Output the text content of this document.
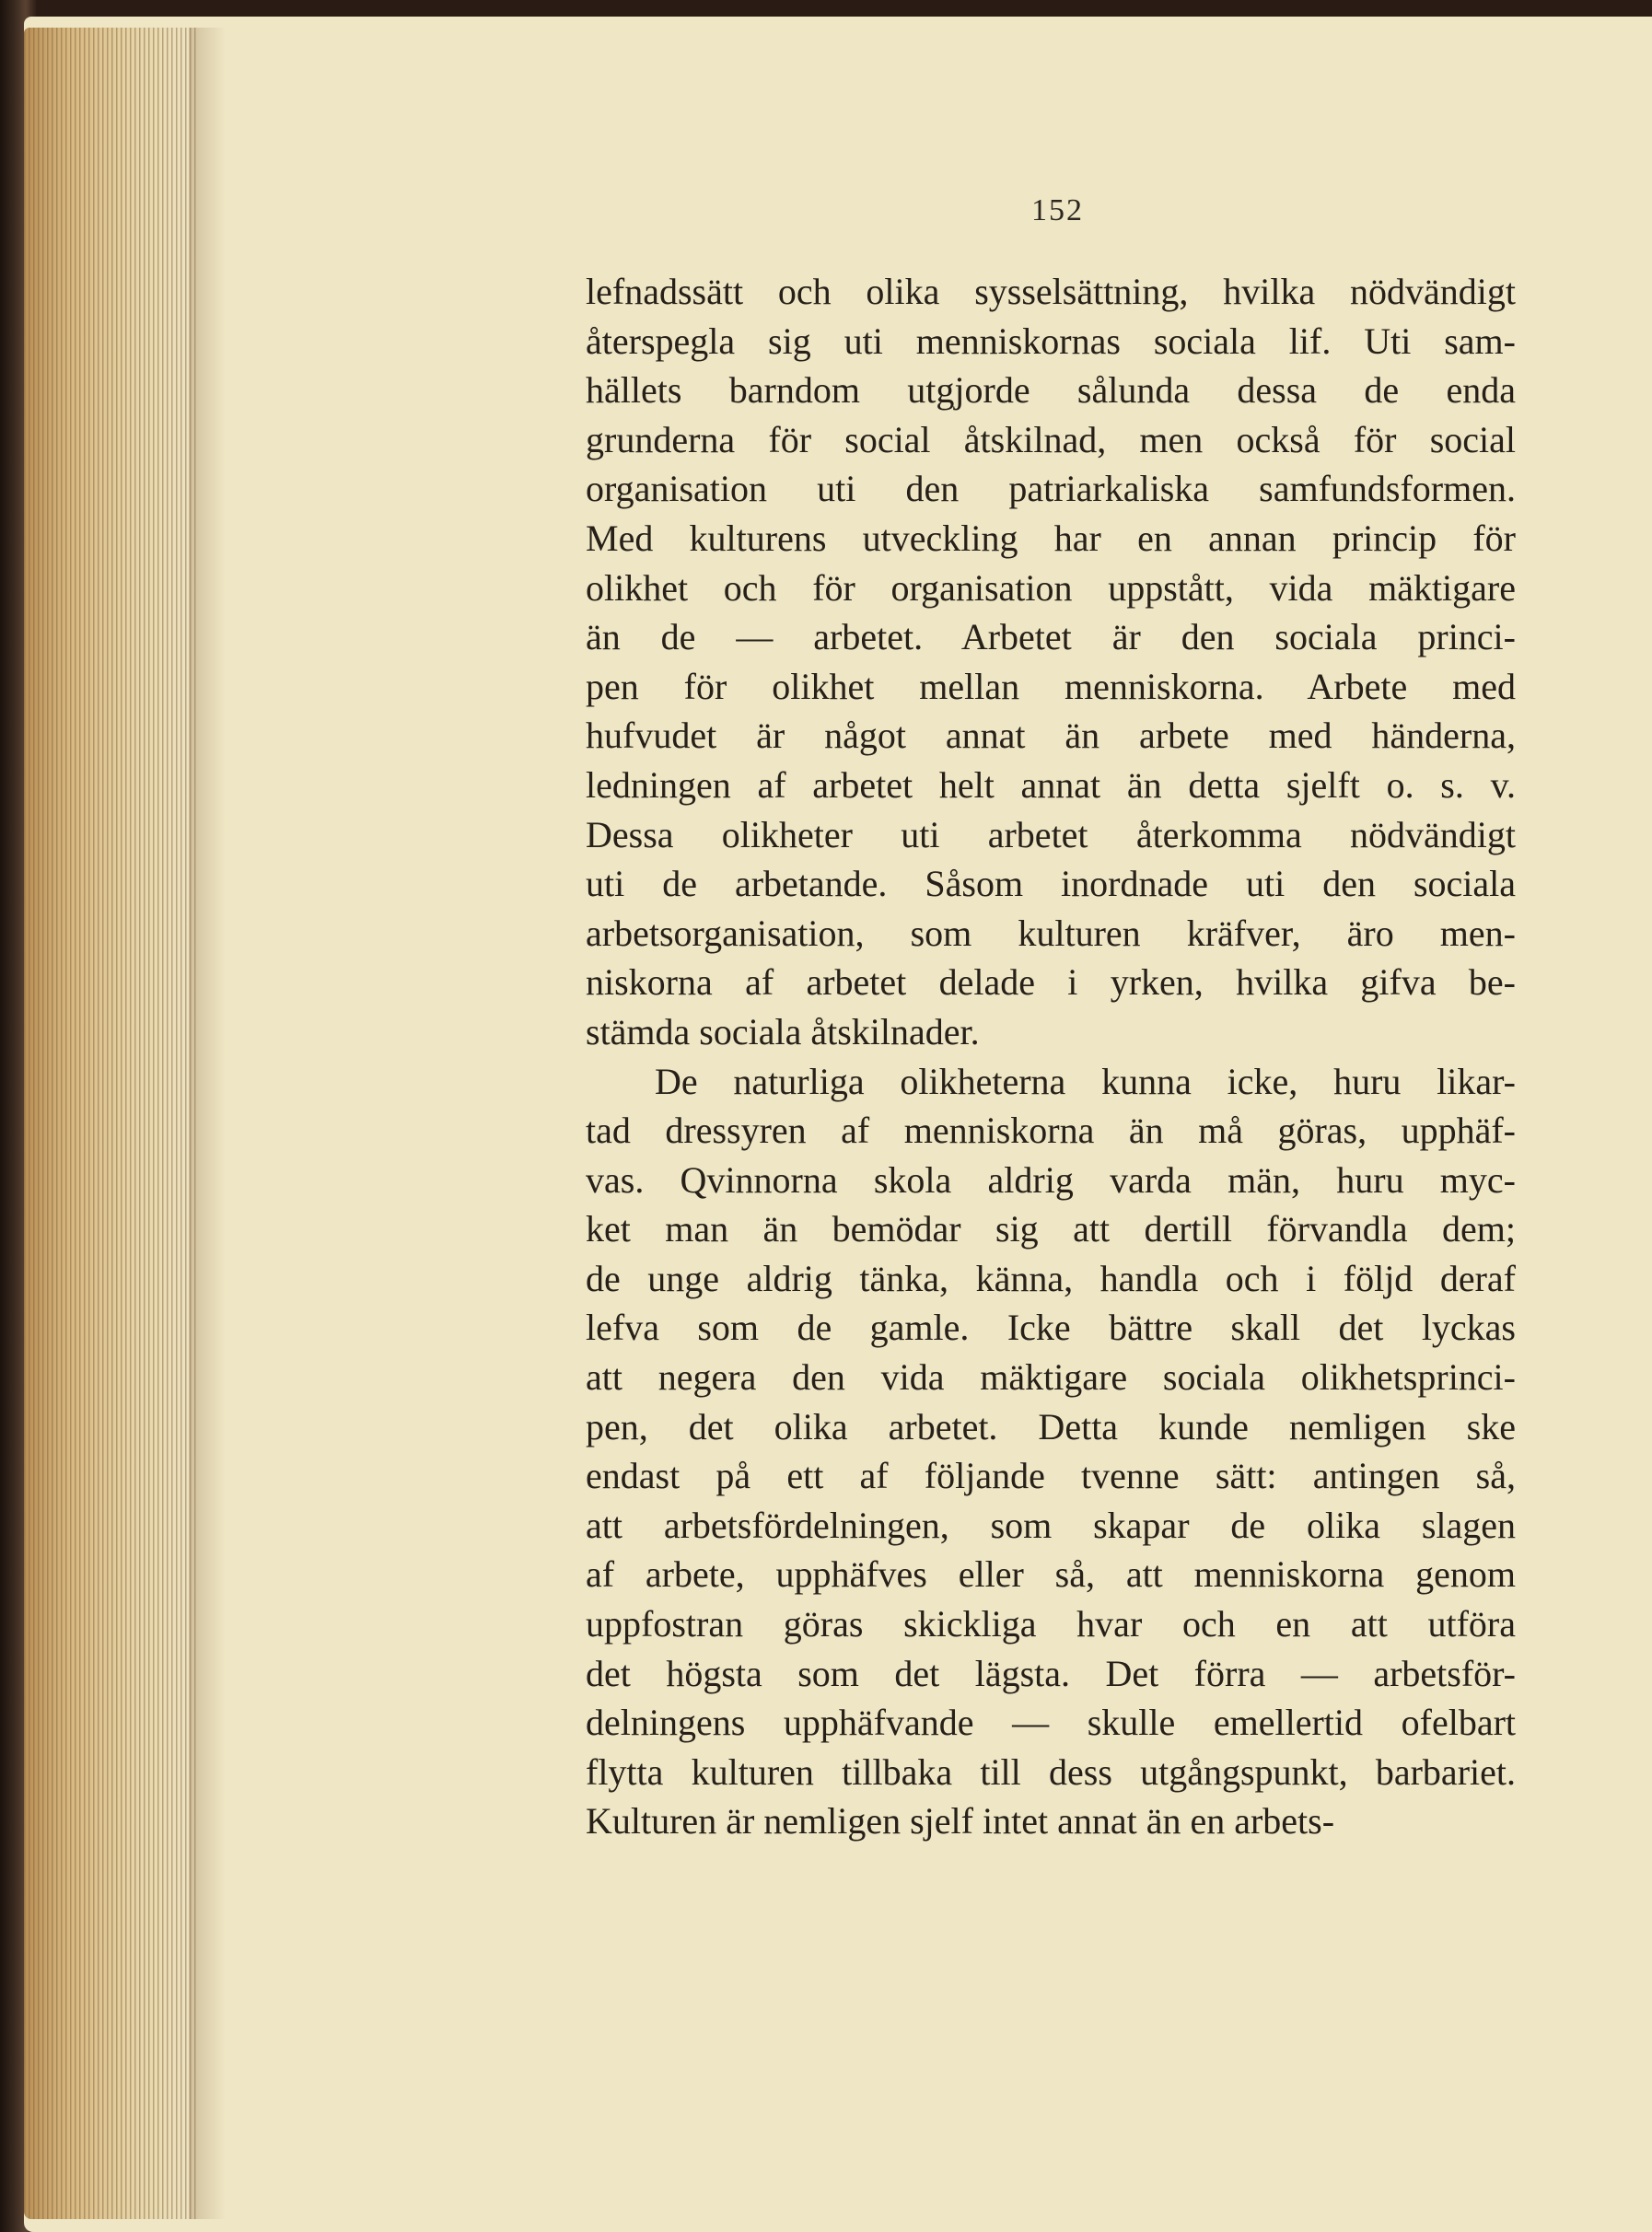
152
lefnadssätt och olika sysselsättning, hvilka nödvändigt
återspegla sig uti menniskornas sociala lif. Uti sam-
hällets barndom utgjorde sålunda dessa de enda
grunderna för social åtskilnad, men också för social
organisation uti den patriarkaliska samfundsformen.
Med kulturens utveckling har en annan princip för
olikhet och för organisation uppstått, vida mäktigare
än de — arbetet. Arbetet är den sociala princi-
pen för olikhet mellan menniskorna. Arbete med
hufvudet är något annat än arbete med händerna,
ledningen af arbetet helt annat än detta sjelft o. s. v.
Dessa olikheter uti arbetet återkomma nödvändigt
uti de arbetande. Såsom inordnade uti den sociala
arbetsorganisation, som kulturen kräfver, äro men-
niskorna af arbetet delade i yrken, hvilka gifva be-
stämda sociala åtskilnader.
De naturliga olikheterna kunna icke, huru likar-
tad dressyren af menniskorna än må göras, upphäf-
vas. Qvinnorna skola aldrig varda män, huru myc-
ket man än bemödar sig att dertill förvandla dem;
de unge aldrig tänka, känna, handla och i följd deraf
lefva som de gamle. Icke bättre skall det lyckas
att negera den vida mäktigare sociala olikhetsprinci-
pen, det olika arbetet. Detta kunde nemligen ske
endast på ett af följande tvenne sätt: antingen så,
att arbetsfördelningen, som skapar de olika slagen
af arbete, upphäfves eller så, att menniskorna genom
uppfostran göras skickliga hvar och en att utföra
det högsta som det lägsta. Det förra — arbetsför-
delningens upphäfvande — skulle emellertid ofelbart
flytta kulturen tillbaka till dess utgångspunkt, barbariet.
Kulturen är nemligen sjelf intet annat än en arbets-
